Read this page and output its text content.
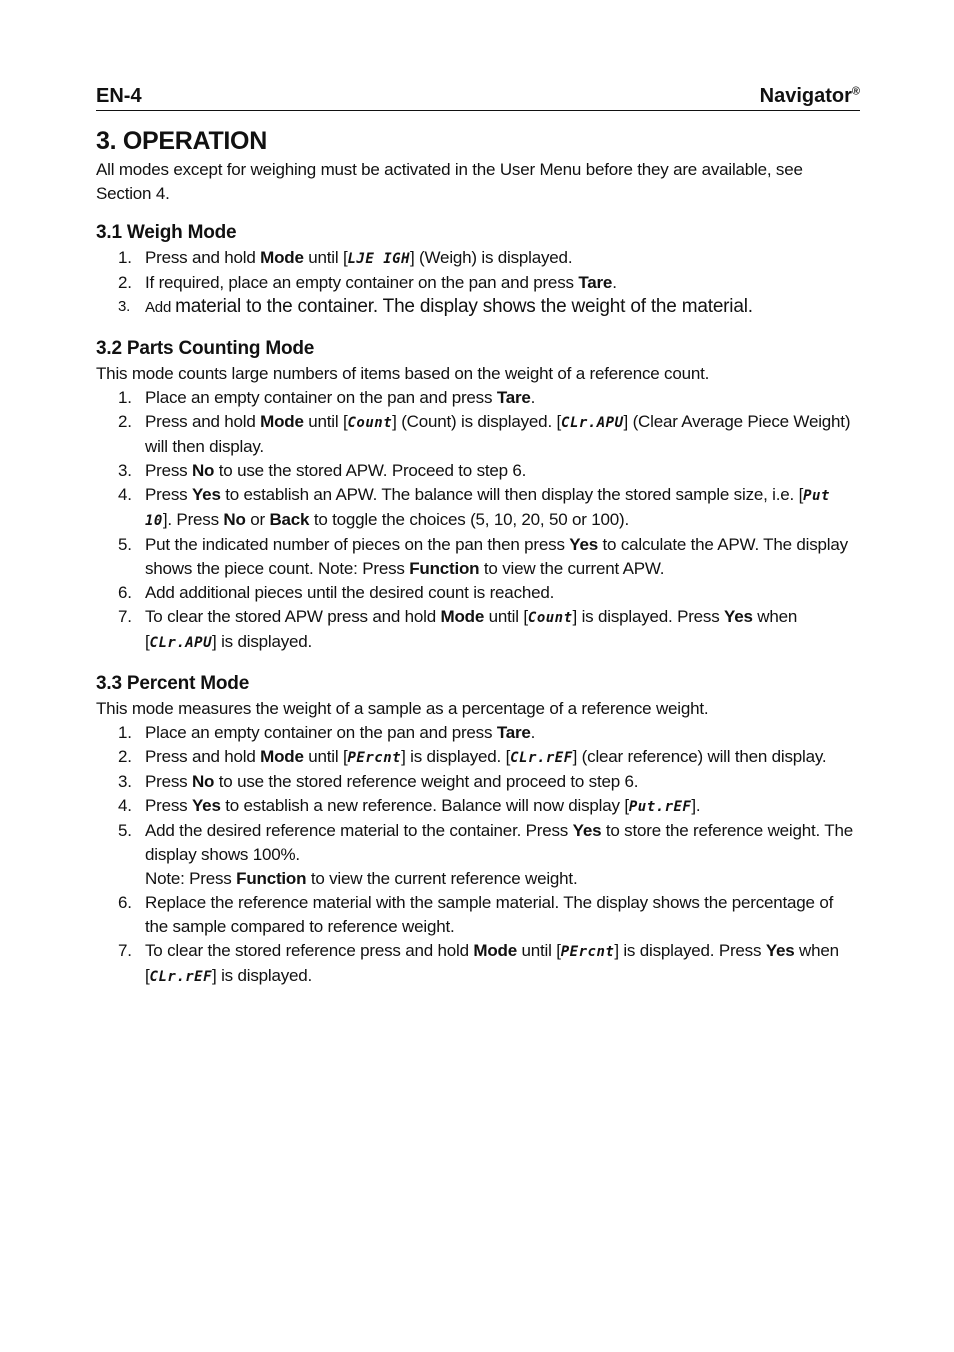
EN-4	Navigator®
3. OPERATION

All modes except for weighing must be activated in the User Menu before they are available, see Section 4.

3.1 Weigh Mode
1. Press and hold Mode until [LJE IGH] (Weigh) is displayed.
2. If required, place an empty container on the pan and press Tare.
3. Add material to the container. The display shows the weight of the material.
3.2 Parts Counting Mode

This mode counts large numbers of items based on the weight of a reference count.

1. Place an empty container on the pan and press Tare.
2. Press and hold Mode until [Count] (Count) is displayed. [CLr.APU] (Clear Average Piece Weight) will then display.
3. Press No to use the stored APW. Proceed to step 6.
4. Press Yes to establish an APW. The balance will then display the stored sample size, i.e. [Put 10]. Press No or Back to toggle the choices (5, 10, 20, 50 or 100).
5. Put the indicated number of pieces on the pan then press Yes to calculate the APW. The display shows the piece count. Note: Press Function to view the current APW.
6. Add additional pieces until the desired count is reached.
7. To clear the stored APW press and hold Mode until [Count] is displayed. Press Yes when [CLr.APU] is displayed.
3.3 Percent Mode

This mode measures the weight of a sample as a percentage of a reference weight.

1. Place an empty container on the pan and press Tare.
2. Press and hold Mode until [PErcnt] is displayed. [CLr.rEF] (clear reference) will then display.
3. Press No to use the stored reference weight and proceed to step 6.
4. Press Yes to establish a new reference. Balance will now display [Put.rEF].
5. Add the desired reference material to the container. Press Yes to store the reference weight. The display shows 100%.
Note: Press Function to view the current reference weight.
6. Replace the reference material with the sample material. The display shows the percentage of the sample compared to reference weight.
7. To clear the stored reference press and hold Mode until [PErcnt] is displayed. Press Yes when [CLr.rEF] is displayed.
